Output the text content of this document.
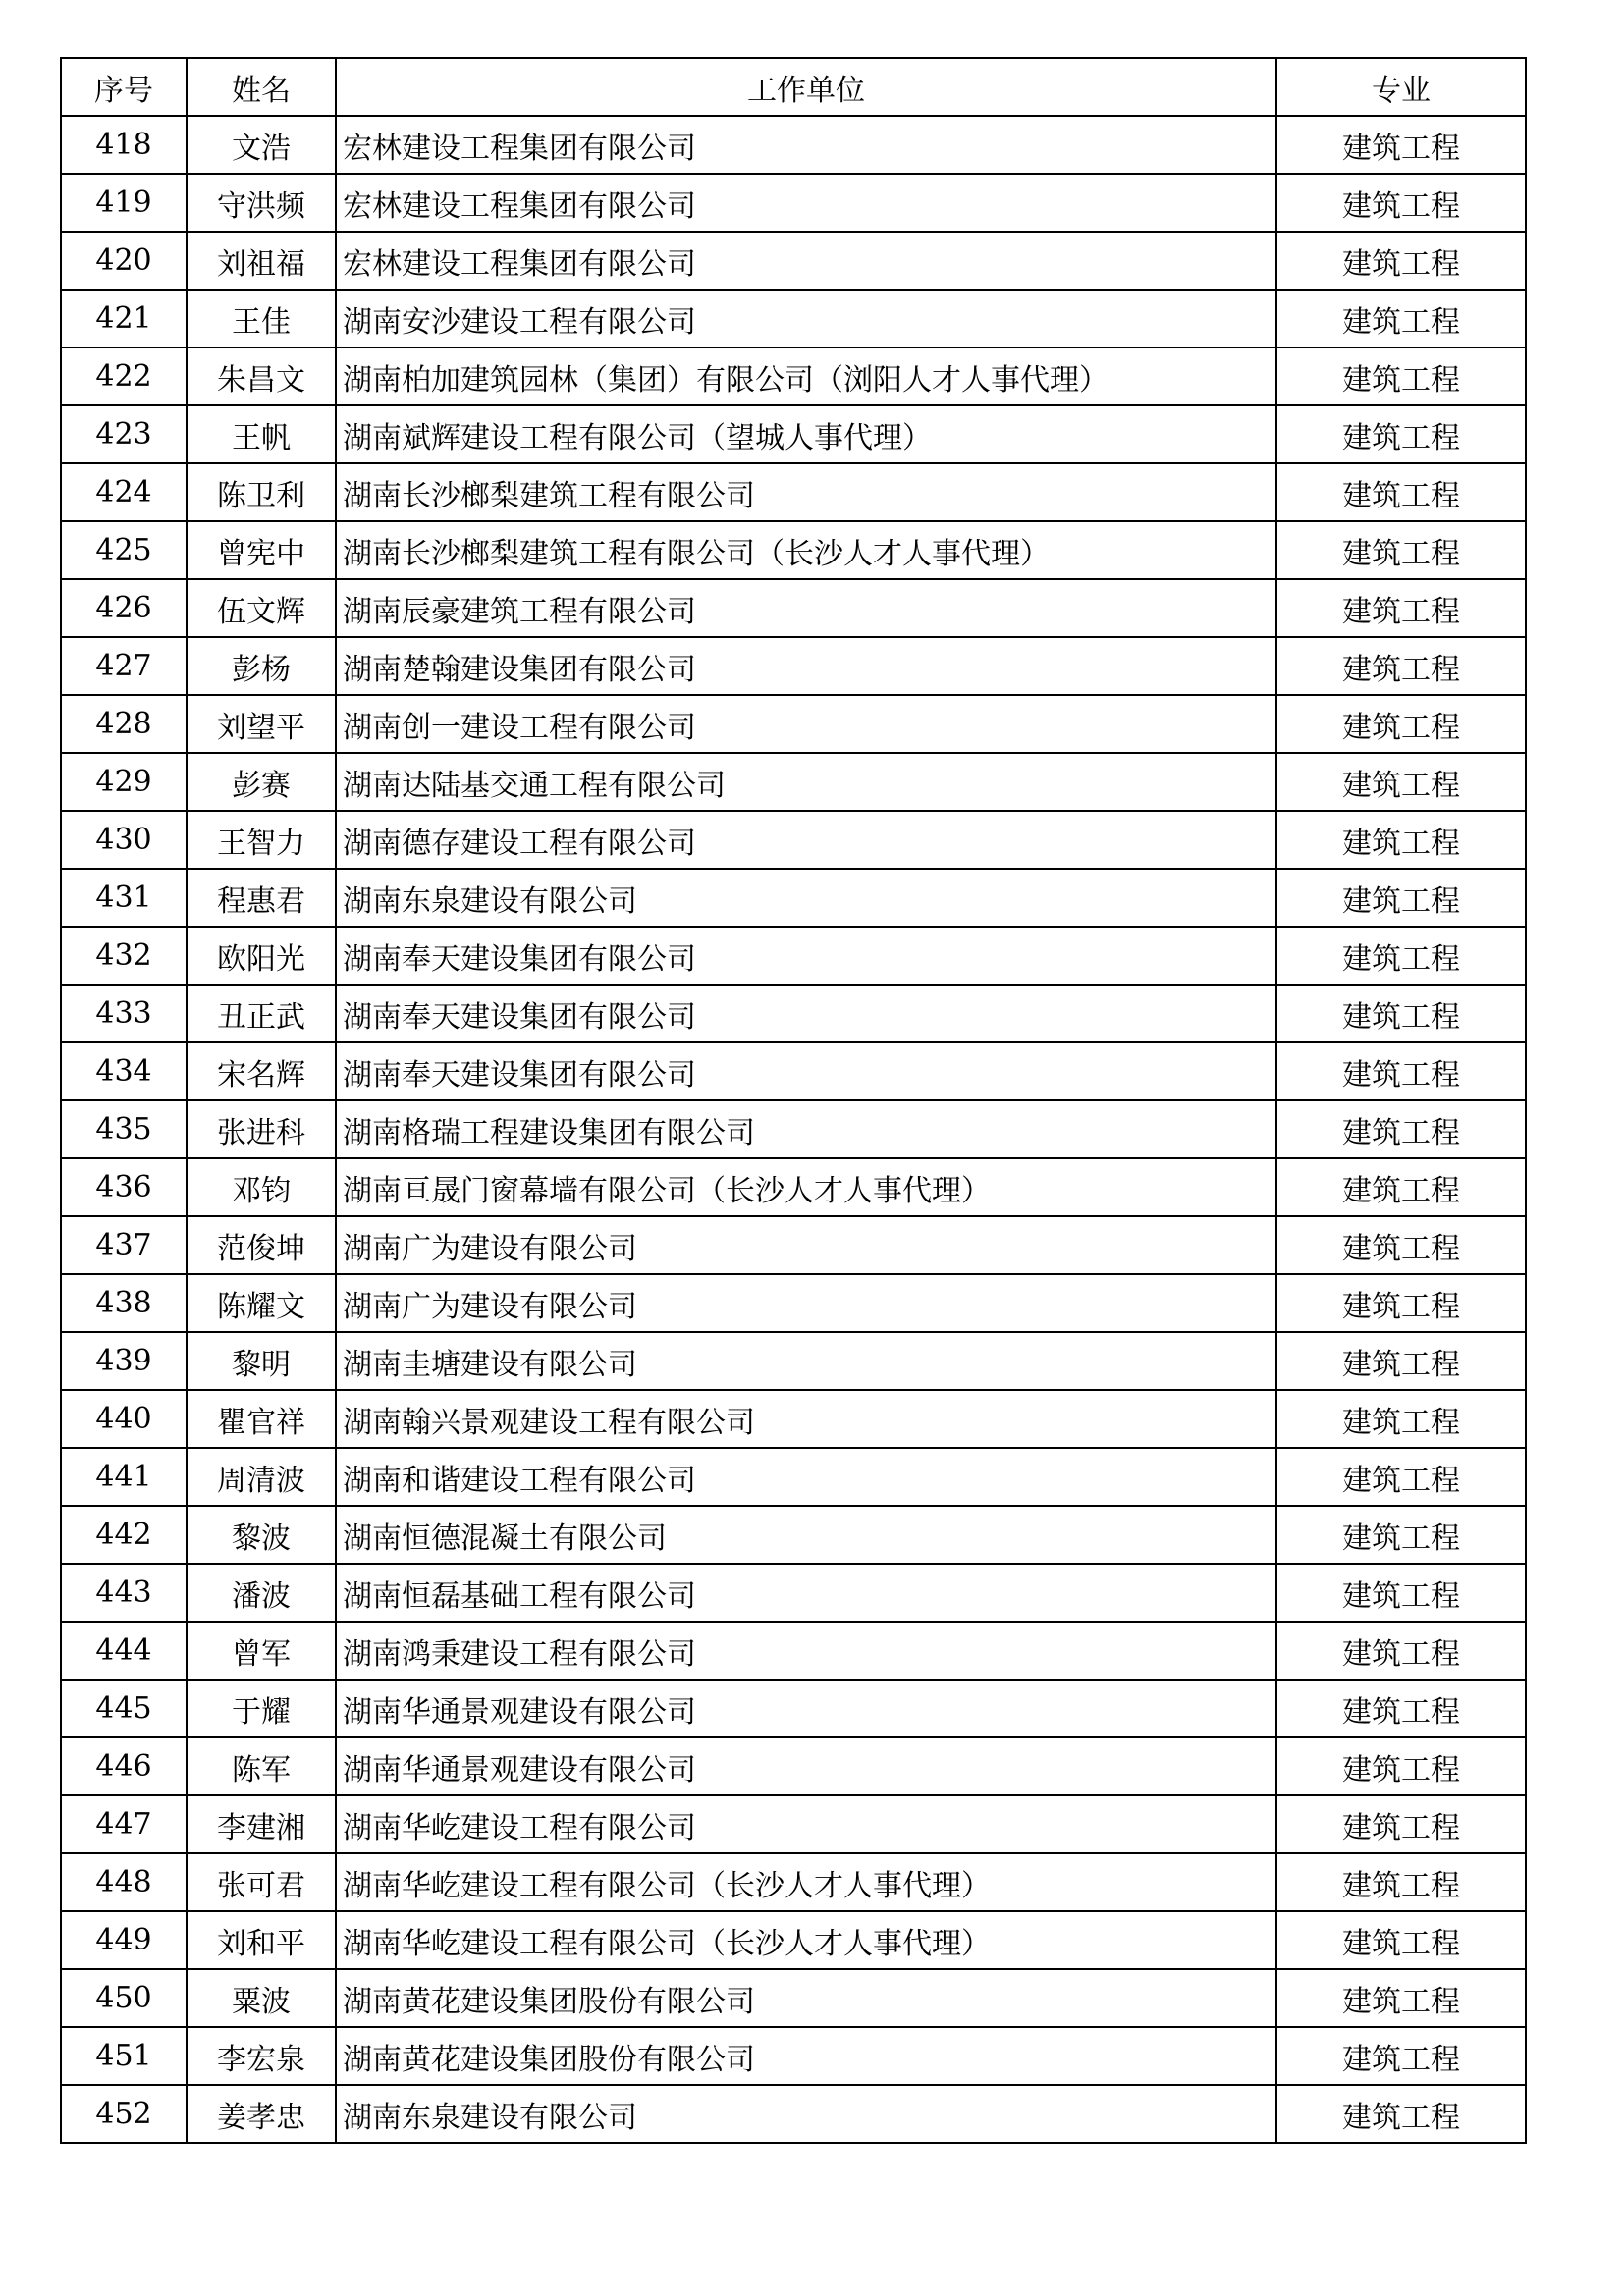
序号	姓名	工作单位	专业
418	文浩	宏林建设工程集团有限公司	建筑工程
419	守洪频	宏林建设工程集团有限公司	建筑工程
420	刘祖福	宏林建设工程集团有限公司	建筑工程
421	王佳	湖南安沙建设工程有限公司	建筑工程
422	朱昌文	湖南柏加建筑园林（集团）有限公司（浏阳人才人事代理）	建筑工程
423	王帆	湖南斌辉建设工程有限公司（望城人事代理）	建筑工程
424	陈卫利	湖南长沙榔梨建筑工程有限公司	建筑工程
425	曾宪中	湖南长沙榔梨建筑工程有限公司（长沙人才人事代理）	建筑工程
426	伍文辉	湖南辰豪建筑工程有限公司	建筑工程
427	彭杨	湖南楚翰建设集团有限公司	建筑工程
428	刘望平	湖南创一建设工程有限公司	建筑工程
429	彭赛	湖南达陆基交通工程有限公司	建筑工程
430	王智力	湖南德存建设工程有限公司	建筑工程
431	程惠君	湖南东泉建设有限公司	建筑工程
432	欧阳光	湖南奉天建设集团有限公司	建筑工程
433	丑正武	湖南奉天建设集团有限公司	建筑工程
434	宋名辉	湖南奉天建设集团有限公司	建筑工程
435	张进科	湖南格瑞工程建设集团有限公司	建筑工程
436	邓钧	湖南亘晟门窗幕墙有限公司（长沙人才人事代理）	建筑工程
437	范俊坤	湖南广为建设有限公司	建筑工程
438	陈耀文	湖南广为建设有限公司	建筑工程
439	黎明	湖南圭塘建设有限公司	建筑工程
440	瞿官祥	湖南翰兴景观建设工程有限公司	建筑工程
441	周清波	湖南和谐建设工程有限公司	建筑工程
442	黎波	湖南恒德混凝土有限公司	建筑工程
443	潘波	湖南恒磊基础工程有限公司	建筑工程
444	曾军	湖南鸿秉建设工程有限公司	建筑工程
445	于耀	湖南华通景观建设有限公司	建筑工程
446	陈军	湖南华通景观建设有限公司	建筑工程
447	李建湘	湖南华屹建设工程有限公司	建筑工程
448	张可君	湖南华屹建设工程有限公司（长沙人才人事代理）	建筑工程
449	刘和平	湖南华屹建设工程有限公司（长沙人才人事代理）	建筑工程
450	粟波	湖南黄花建设集团股份有限公司	建筑工程
451	李宏泉	湖南黄花建设集团股份有限公司	建筑工程
452	姜孝忠	湖南东泉建设有限公司	建筑工程
